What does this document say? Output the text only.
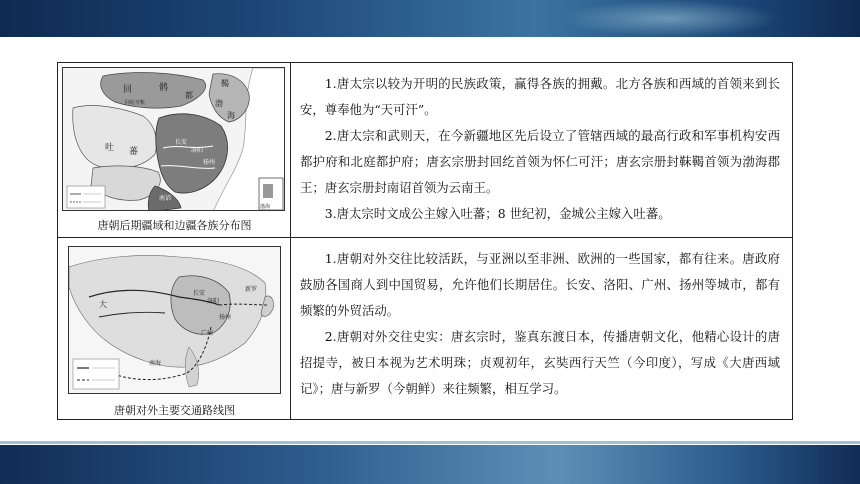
回	鹘
回纥牙帐
都
鞨
渤
海
长安
扬州
洛阳
蕃
吐
南诏
渤海
唐朝后期疆域和边疆各族分布图

1.唐太宗以较为开明的民族政策，赢得各族的拥戴。北方各族和西域的首领来到长安，尊奉他为“天可汗”。

2.唐太宗和武则天，在今新疆地区先后设立了管辖西域的最高行政和军事机构安西都护府和北庭都护府；唐玄宗册封回纥首领为怀仁可汗；唐玄宗册封靺鞨首领为渤海郡王；唐玄宗册封南诏首领为云南王。

3.唐太宗时文成公主嫁入吐蕃；8 世纪初，金城公主嫁入吐蕃。

长安
洛阳
扬州
广州
大
南海
新罗
唐朝对外主要交通路线图

1.唐朝对外交往比较活跃，与亚洲以至非洲、欧洲的一些国家，都有往来。唐政府鼓励各国商人到中国贸易，允许他们长期居住。长安、洛阳、广州、扬州等城市，都有频繁的外贸活动。

2.唐朝对外交往史实：唐玄宗时，鉴真东渡日本，传播唐朝文化，他精心设计的唐招提寺，被日本视为艺术明珠；贞观初年，玄奘西行天竺（今印度），写成《大唐西域记》；唐与新罗（今朝鲜）来往频繁，相互学习。
